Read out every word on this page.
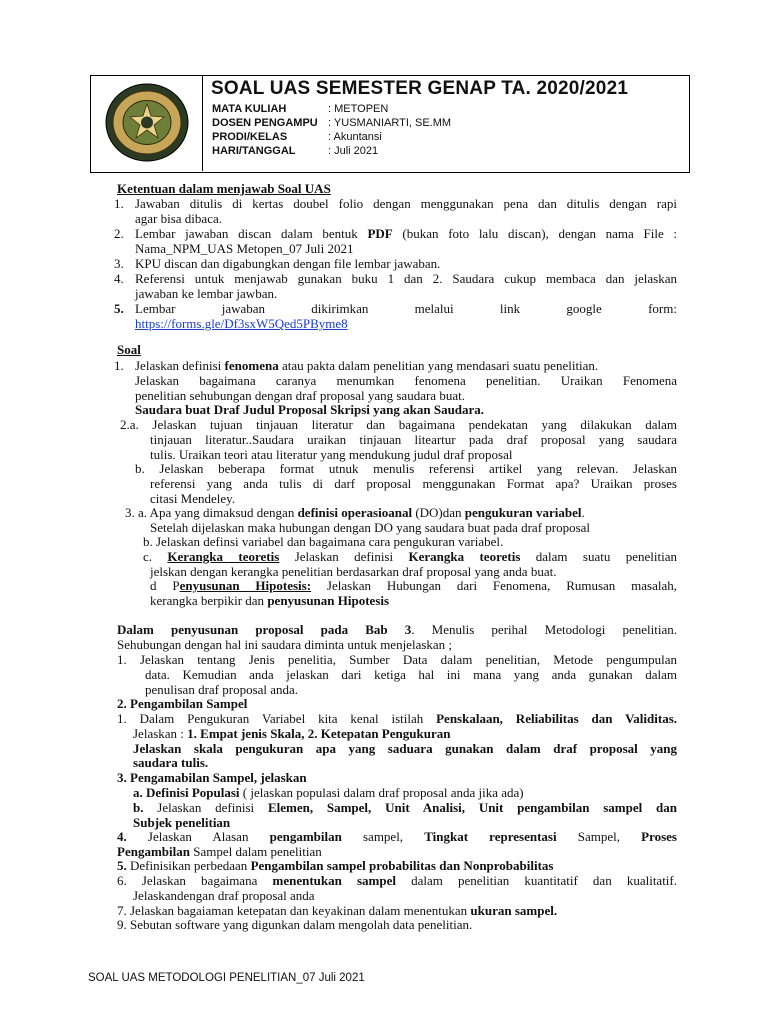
SOAL UAS SEMESTER GENAP TA. 2020/2021
MATA KULIAH	: METOPEN
DOSEN PENGAMPU : YUSMANIARTI, SE.MM
PRODI/KELAS	: Akuntansi
HARI/TANGGAL	: Juli 2021
Ketentuan dalam menjawab Soal UAS
1. Jawaban ditulis di kertas doubel folio dengan menggunakan pena dan ditulis dengan rapi
agar bisa dibaca.
2. Lembar jawaban discan dalam bentuk PDF (bukan foto lalu discan), dengan nama File :
Nama_NPM_UAS Metopen_07 Juli 2021
3. KPU discan dan digabungkan dengan file lembar jawaban.
4. Referensi untuk menjawab gunakan buku 1 dan 2. Saudara cukup membaca dan jelaskan
jawaban ke lembar jawban.
5. Lembar	jawaban	dikirimkan	melalui	link	google	form:
https://forms.gle/Df3sxW5Qed5PByme8
Soal
1. Jelaskan definisi fenomena atau pakta dalam penelitian yang mendasari suatu penelitian.
Jelaskan bagaimana caranya menumkan fenomena penelitian. Uraikan Fenomena
penelitian sehubungan dengan draf proposal yang saudara buat.
Saudara buat Draf Judul Proposal Skripsi yang akan Saudara.
2.a. Jelaskan tujuan tinjauan literatur dan bagaimana pendekatan yang dilakukan dalam
tinjauan literatur..Saudara uraikan tinjauan liteartur pada draf proposal yang saudara
tulis. Uraikan teori atau literatur yang mendukung judul draf proposal
b. Jelaskan beberapa format utnuk menulis referensi artikel yang relevan. Jelaskan
referensi yang anda tulis di darf proposal menggunakan Format apa? Uraikan proses
citasi Mendeley.
3. a. Apa yang dimaksud dengan definisi operasioanal (DO)dan pengukuran variabel.
Setelah dijelaskan maka hubungan dengan DO yang saudara buat pada draf proposal
b. Jelaskan definsi variabel dan bagaimana cara pengukuran variabel.
c. Kerangka teoretis Jelaskan definisi Kerangka teoretis dalam suatu penelitian
jelskan dengan kerangka penelitian berdasarkan draf proposal yang anda buat.
d Penyusunan Hipotesis: Jelaskan Hubungan dari Fenomena, Rumusan masalah,
kerangka berpikir dan penyusunan Hipotesis
Dalam penyusunan proposal pada Bab 3. Menulis perihal Metodologi penelitian.
Sehubungan dengan hal ini saudara diminta untuk menjelaskan ;
1. Jelaskan tentang Jenis penelitia, Sumber Data dalam penelitian, Metode pengumpulan
data. Kemudian anda jelaskan dari ketiga hal ini mana yang anda gunakan dalam
penulisan draf proposal anda.
2. Pengambilan Sampel
1. Dalam Pengukuran Variabel kita kenal istilah Penskalaan, Reliabilitas dan Validitas.
Jelaskan : 1. Empat jenis Skala, 2. Ketepatan Pengukuran
Jelaskan skala pengukuran apa yang saduara gunakan dalam draf proposal yang
saudara tulis.
3. Pengamabilan Sampel, jelaskan
a. Definisi Populasi ( jelaskan populasi dalam draf proposal anda jika ada)
b. Jelaskan definisi Elemen, Sampel, Unit Analisi, Unit pengambilan sampel dan
Subjek penelitian
4. Jelaskan Alasan pengambilan sampel, Tingkat representasi Sampel, Proses
Pengambilan Sampel dalam penelitian
5. Definisikan perbedaan Pengambilan sampel probabilitas dan Nonprobabilitas
6. Jelaskan bagaimana menentukan sampel dalam penelitian kuantitatif dan kualitatif.
Jelaskandengan draf proposal anda
7. Jelaskan bagaiaman ketepatan dan keyakinan dalam menentukan ukuran sampel.
9. Sebutan software yang digunkan dalam mengolah data penelitian.
SOAL UAS METODOLOGI PENELITIAN_07 Juli 2021
